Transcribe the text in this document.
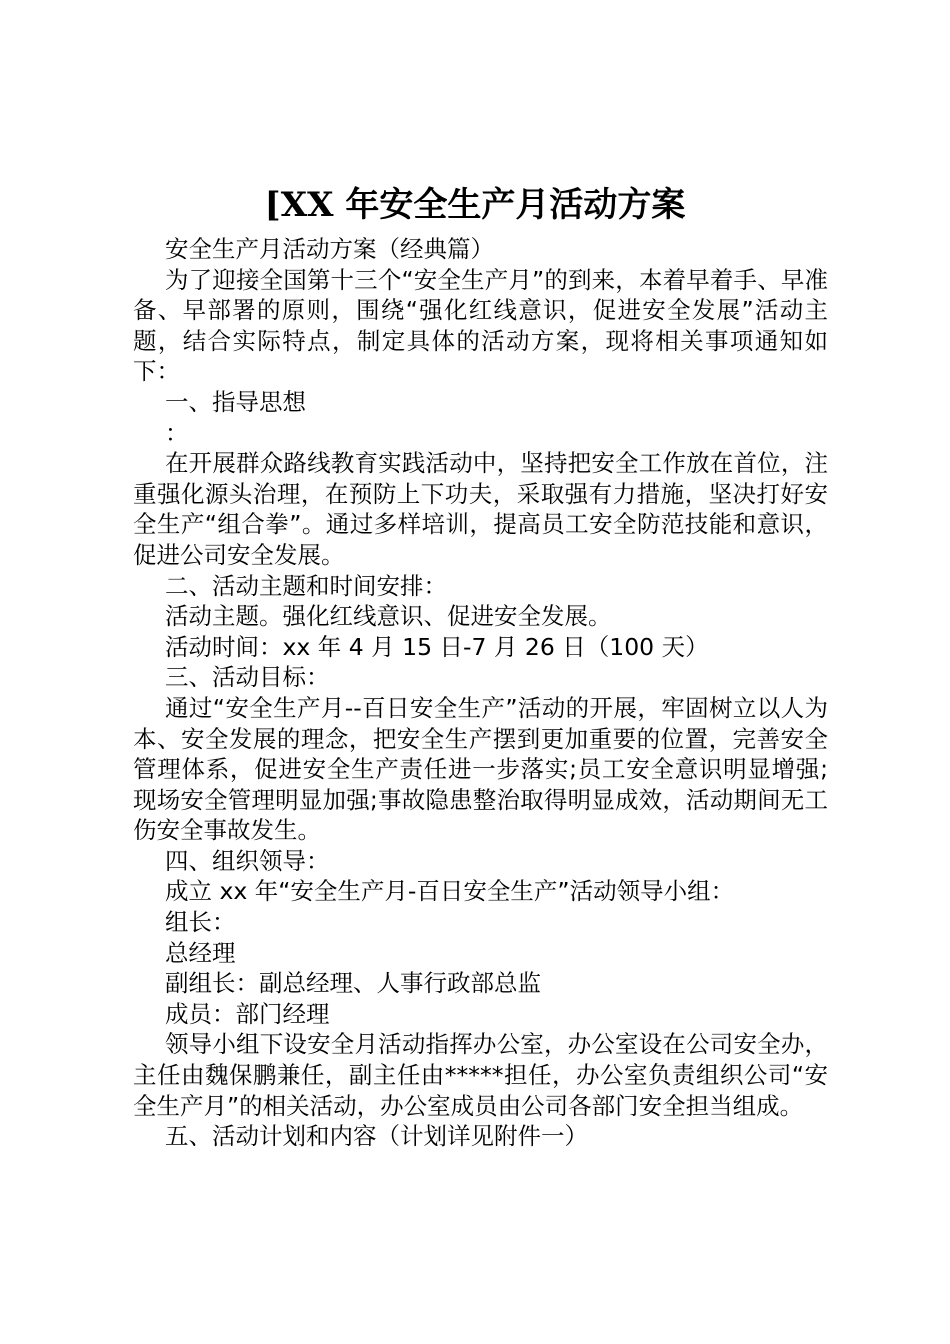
[XX 年安全生产月活动方案

安全生产月活动方案（经典篇）

为了迎接全国第十三个“安全生产月”的到来，本着早着手、早准备、早部署的原则，围绕“强化红线意识，促进安全发展”活动主题，结合实际特点，制定具体的活动方案，现将相关事项通知如下：

一、指导思想

：

在开展群众路线教育实践活动中，坚持把安全工作放在首位，注重强化源头治理，在预防上下功夫，采取强有力措施，坚决打好安全生产“组合拳”。通过多样培训，提高员工安全防范技能和意识，促进公司安全发展。

二、活动主题和时间安排：

活动主题。强化红线意识、促进安全发展。

活动时间：xx 年 4 月 15 日-7 月 26 日（100 天）

三、活动目标：

通过“安全生产月--百日安全生产”活动的开展，牢固树立以人为本、安全发展的理念，把安全生产摆到更加重要的位置，完善安全管理体系，促进安全生产责任进一步落实;员工安全意识明显增强;现场安全管理明显加强;事故隐患整治取得明显成效，活动期间无工伤安全事故发生。

四、组织领导：

成立 xx 年“安全生产月-百日安全生产”活动领导小组：

组长：

总经理

副组长：副总经理、人事行政部总监

成员：部门经理

领导小组下设安全月活动指挥办公室，办公室设在公司安全办，主任由魏保鹏兼任，副主任由*****担任，办公室负责组织公司“安全生产月”的相关活动，办公室成员由公司各部门安全担当组成。

五、活动计划和内容（计划详见附件一）
